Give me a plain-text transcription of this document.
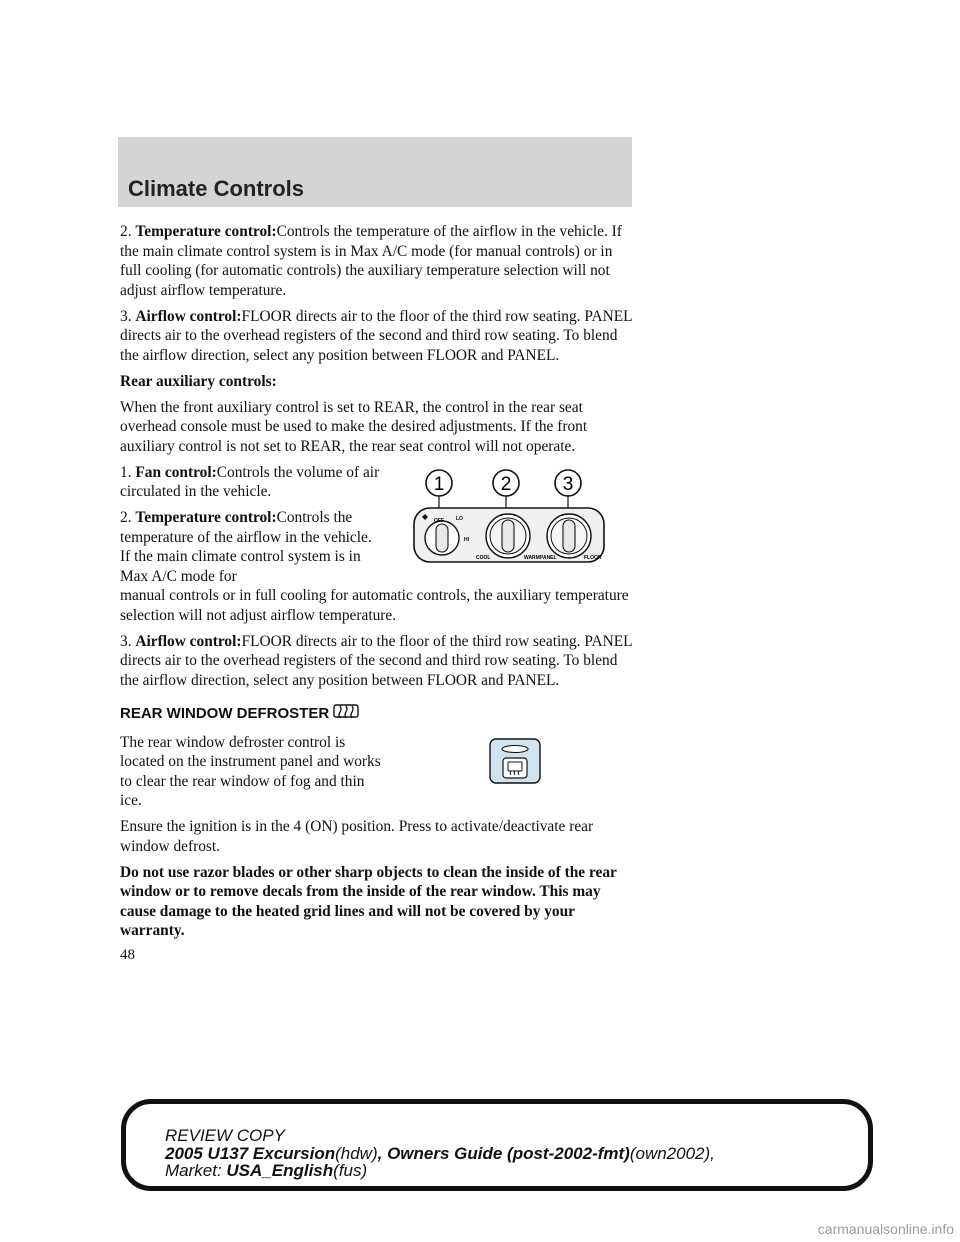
Climate Controls

2. Temperature control:Controls the temperature of the airflow in the vehicle. If the main climate control system is in Max A/C mode (for manual controls) or in full cooling (for automatic controls) the auxiliary temperature selection will not adjust airflow temperature.

3. Airflow control:FLOOR directs air to the floor of the third row seating. PANEL directs air to the overhead registers of the second and third row seating. To blend the airflow direction, select any position between FLOOR and PANEL.

Rear auxiliary controls:

When the front auxiliary control is set to REAR, the control in the rear seat overhead console must be used to make the desired adjustments. If the front auxiliary control is not set to REAR, the rear seat control will not operate.

1. Fan control:Controls the volume of air circulated in the vehicle.

2. Temperature control:Controls the temperature of the airflow in the vehicle. If the main climate control system is in Max A/C mode for

manual controls or in full cooling for automatic controls, the auxiliary temperature selection will not adjust airflow temperature.

3. Airflow control:FLOOR directs air to the floor of the third row seating. PANEL directs air to the overhead registers of the second and third row seating. To blend the airflow direction, select any position between FLOOR and PANEL.

REAR WINDOW DEFROSTER

The rear window defroster control is located on the instrument panel and works to clear the rear window of fog and thin ice.

Ensure the ignition is in the 4 (ON) position. Press to activate/deactivate rear window defrost.

Do not use razor blades or other sharp objects to clean the inside of the rear window or to remove decals from the inside of the rear window. This may cause damage to the heated grid lines and will not be covered by your warranty.

1	2	3
OFF LO
HI
COOL	WARM PANEL	FLOOR
48
REVIEW COPY
2005 U137 Excursion(hdw), Owners Guide (post-2002-fmt)(own2002),
Market: USA_English(fus)
carmanualsonline.info
